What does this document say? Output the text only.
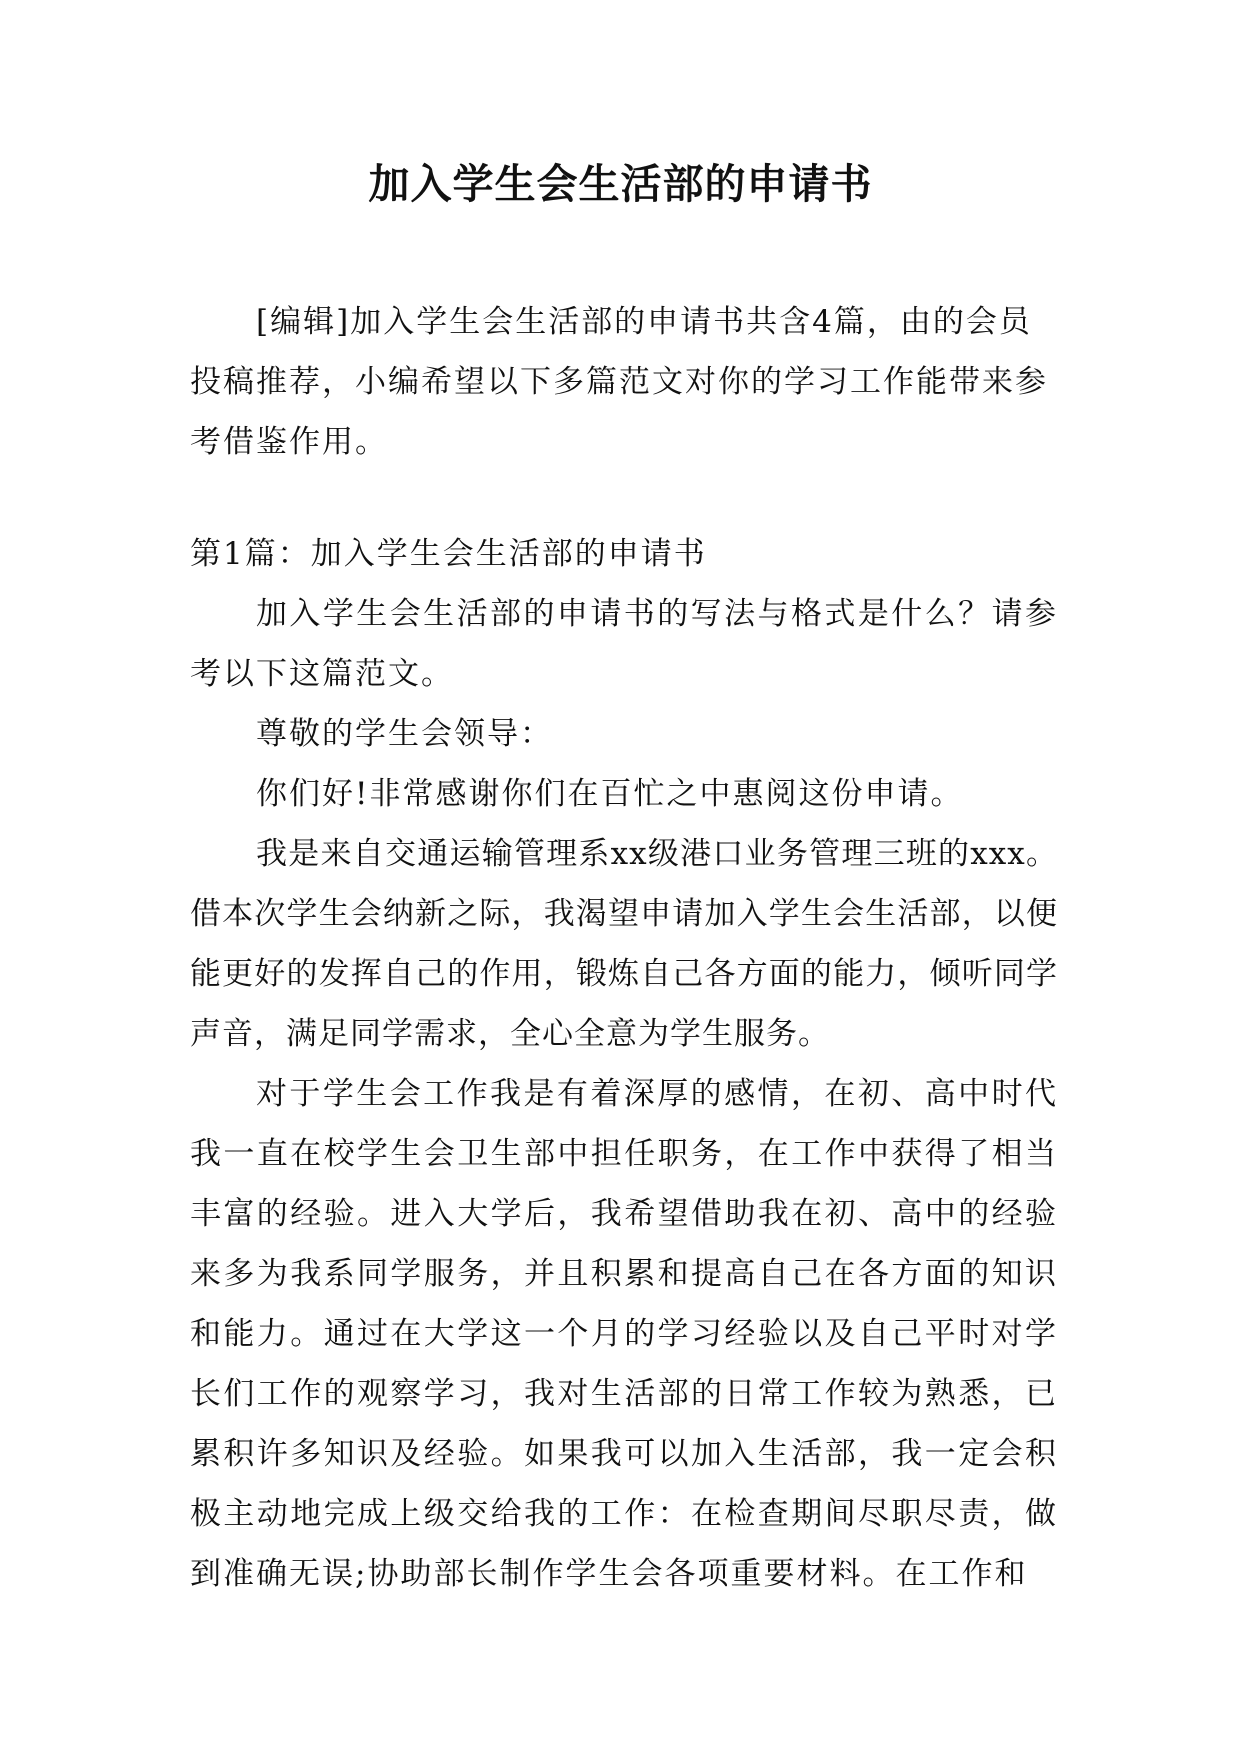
加入学生会生活部的申请书

[编辑]加入学生会生活部的申请书共含4篇，由的会员投稿推荐，小编希望以下多篇范文对你的学习工作能带来参考借鉴作用。

第1篇：加入学生会生活部的申请书

加入学生会生活部的申请书的写法与格式是什么？请参考以下这篇范文。

尊敬的学生会领导：

你们好!非常感谢你们在百忙之中惠阅这份申请。

我是来自交通运输管理系xx级港口业务管理三班的xxx。借本次学生会纳新之际，我渴望申请加入学生会生活部，以便能更好的发挥自己的作用，锻炼自己各方面的能力，倾听同学声音，满足同学需求，全心全意为学生服务。

对于学生会工作我是有着深厚的感情，在初、高中时代我一直在校学生会卫生部中担任职务，在工作中获得了相当丰富的经验。进入大学后，我希望借助我在初、高中的经验来多为我系同学服务，并且积累和提高自己在各方面的知识和能力。通过在大学这一个月的学习经验以及自己平时对学长们工作的观察学习，我对生活部的日常工作较为熟悉，已累积许多知识及经验。如果我可以加入生活部，我一定会积极主动地完成上级交给我的工作：在检查期间尽职尽责，做到准确无误;协助部长制作学生会各项重要材料。在工作和
